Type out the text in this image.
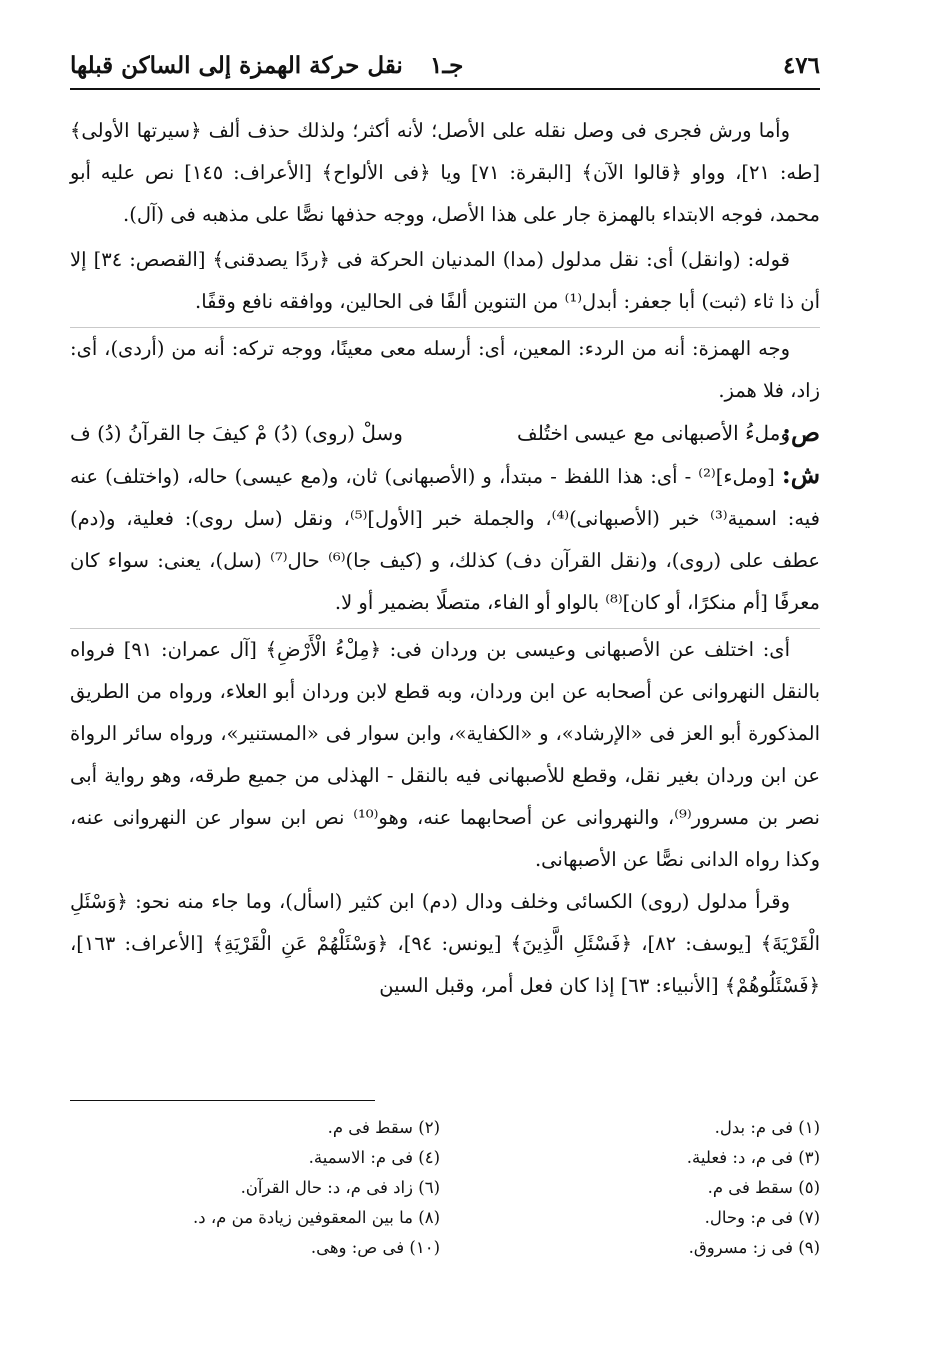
٤٧٦
جـ١
نقل حركة الهمزة إلى الساكن قبلها

وأما ورش فجرى فى وصل نقله على الأصل؛ لأنه أكثر؛ ولذلك حذف ألف ﴿سيرتها الأولى﴾ [طه: ٢١]، وواو ﴿قالوا الآن﴾ [البقرة: ٧١] ويا ﴿فى الألواح﴾ [الأعراف: ١٤٥] نص عليه أبو محمد، فوجه الابتداء بالهمزة جار على هذا الأصل، ووجه حذفها نصًّا على مذهبه فى (آل).

قوله: (وانقل) أى: نقل مدلول (مدا) المدنيان الحركة فى ﴿ردًا يصدقنى﴾ [القصص: ٣٤] إلا أن ذا ثاء (ثبت) أبا جعفر: أبدل⁽¹⁾ من التنوين ألفًا فى الحالين، ووافقه نافع وقفًا.

وجه الهمزة: أنه من الردء: المعين، أى: أرسله معى معينًا، ووجه تركه: أنه من (أردى)، أى: زاد، فلا همز.

ص:
وملءُ الأصبهانى مع عيسى اختُلف
وسلْ (روى) (دُ) مْ كيفَ جا القرآنُ (دُ) ف

ش: [وملء]⁽²⁾ - أى: هذا اللفظ - مبتدأ، و (الأصبهانى) ثان، و(مع عيسى) حاله، (واختلف) عنه فيه: اسمية⁽³⁾ خبر (الأصبهانى)⁽⁴⁾، والجملة خبر [الأول]⁽⁵⁾، ونقل (سل روى): فعلية، و(دم) عطف على (روى)، و(نقل القرآن دف) كذلك، و (كيف جا)⁽⁶⁾ حال⁽⁷⁾ (سل)، يعنى: سواء كان معرفًا [أم منكرًا، أو كان]⁽⁸⁾ بالواو أو الفاء، متصلًا بضمير أو لا.

أى: اختلف عن الأصبهانى وعيسى بن وردان فى: ﴿مِلْءُ الْأَرْضِ﴾ [آل عمران: ٩١] فرواه بالنقل النهروانى عن أصحابه عن ابن وردان، وبه قطع لابن وردان أبو العلاء، ورواه من الطريق المذكورة أبو العز فى «الإرشاد»، و «الكفاية»، وابن سوار فى «المستنير»، ورواه سائر الرواة عن ابن وردان بغير نقل، وقطع للأصبهانى فيه بالنقل - الهذلى من جميع طرقه، وهو رواية أبى نصر بن مسرور⁽⁹⁾، والنهروانى عن أصحابهما عنه، وهو⁽¹⁰⁾ نص ابن سوار عن النهروانى عنه، وكذا رواه الدانى نصًّا عن الأصبهانى.

وقرأ مدلول (روى) الكسائى وخلف ودال (دم) ابن كثير (اسأل)، وما جاء منه نحو: ﴿وَسْئَلِ الْقَرْيَةَ﴾ [يوسف: ٨٢]، ﴿فَسْئَلِ الَّذِينَ﴾ [يونس: ٩٤]، ﴿وَسْئَلْهُمْ عَنِ الْقَرْيَةِ﴾ [الأعراف: ١٦٣]، ﴿فَسْئَلُوهُمْ﴾ [الأنبياء: ٦٣] إذا كان فعل أمر، وقبل السين

(١) فى م: بدل.
(٣) فى م، د: فعلية.
(٥) سقط فى م.
(٧) فى م: وحال.
(٩) فى ز: مسروق.
(٢) سقط فى م.
(٤) فى م: الاسمية.
(٦) زاد فى م، د: حال القرآن.
(٨) ما بين المعقوفين زيادة من م، د.
(١٠) فى ص: وهى.
